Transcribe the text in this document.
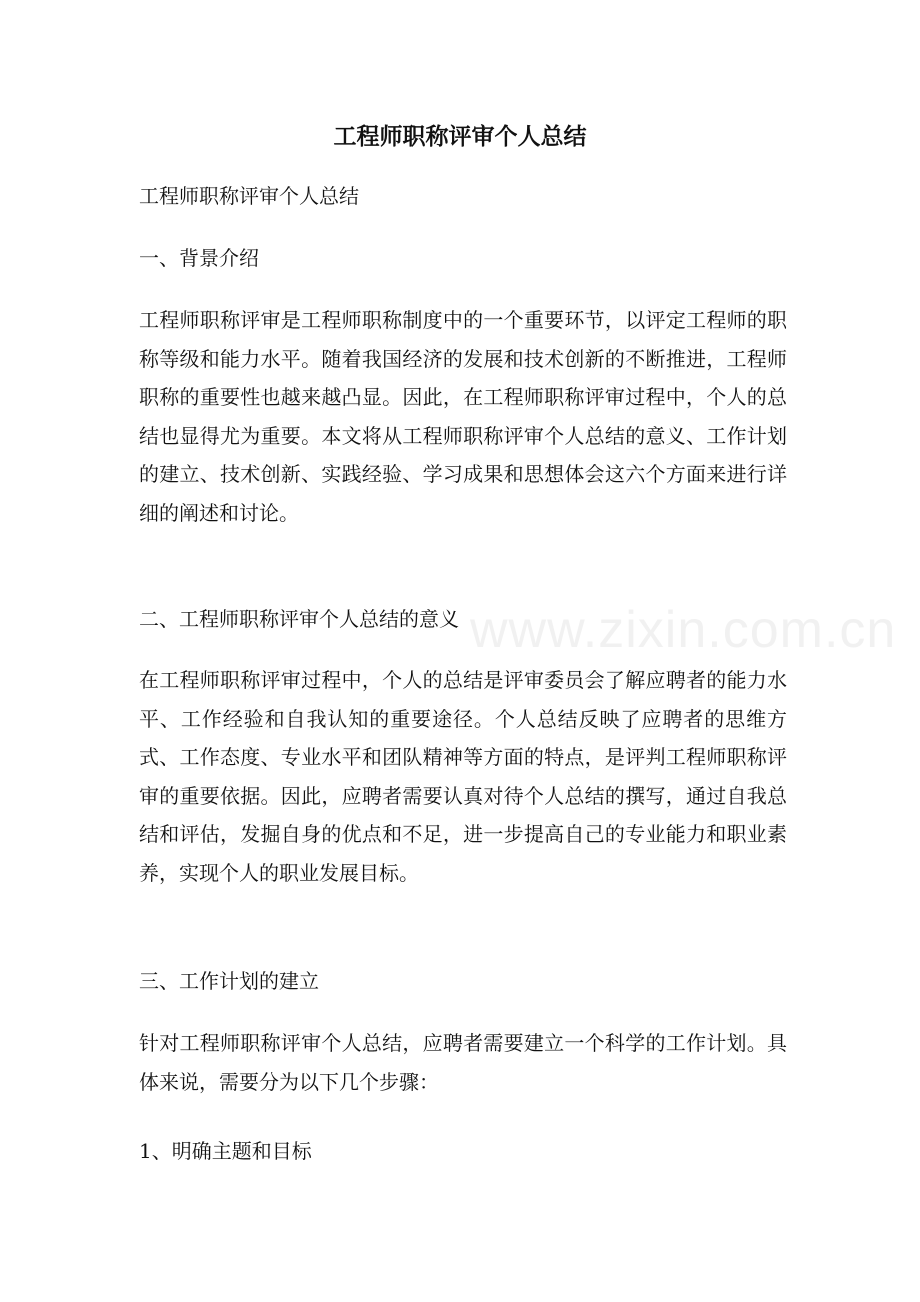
工程师职称评审个人总结

工程师职称评审个人总结

一、背景介绍

工程师职称评审是工程师职称制度中的一个重要环节，以评定工程师的职称等级和能力水平。随着我国经济的发展和技术创新的不断推进，工程师职称的重要性也越来越凸显。因此，在工程师职称评审过程中，个人的总结也显得尤为重要。本文将从工程师职称评审个人总结的意义、工作计划的建立、技术创新、实践经验、学习成果和思想体会这六个方面来进行详细的阐述和讨论。

二、工程师职称评审个人总结的意义

在工程师职称评审过程中，个人的总结是评审委员会了解应聘者的能力水平、工作经验和自我认知的重要途径。个人总结反映了应聘者的思维方式、工作态度、专业水平和团队精神等方面的特点，是评判工程师职称评审的重要依据。因此，应聘者需要认真对待个人总结的撰写，通过自我总结和评估，发掘自身的优点和不足，进一步提高自己的专业能力和职业素养，实现个人的职业发展目标。

三、工作计划的建立

针对工程师职称评审个人总结，应聘者需要建立一个科学的工作计划。具体来说，需要分为以下几个步骤：

1、明确主题和目标

www.zixin.com.cn
